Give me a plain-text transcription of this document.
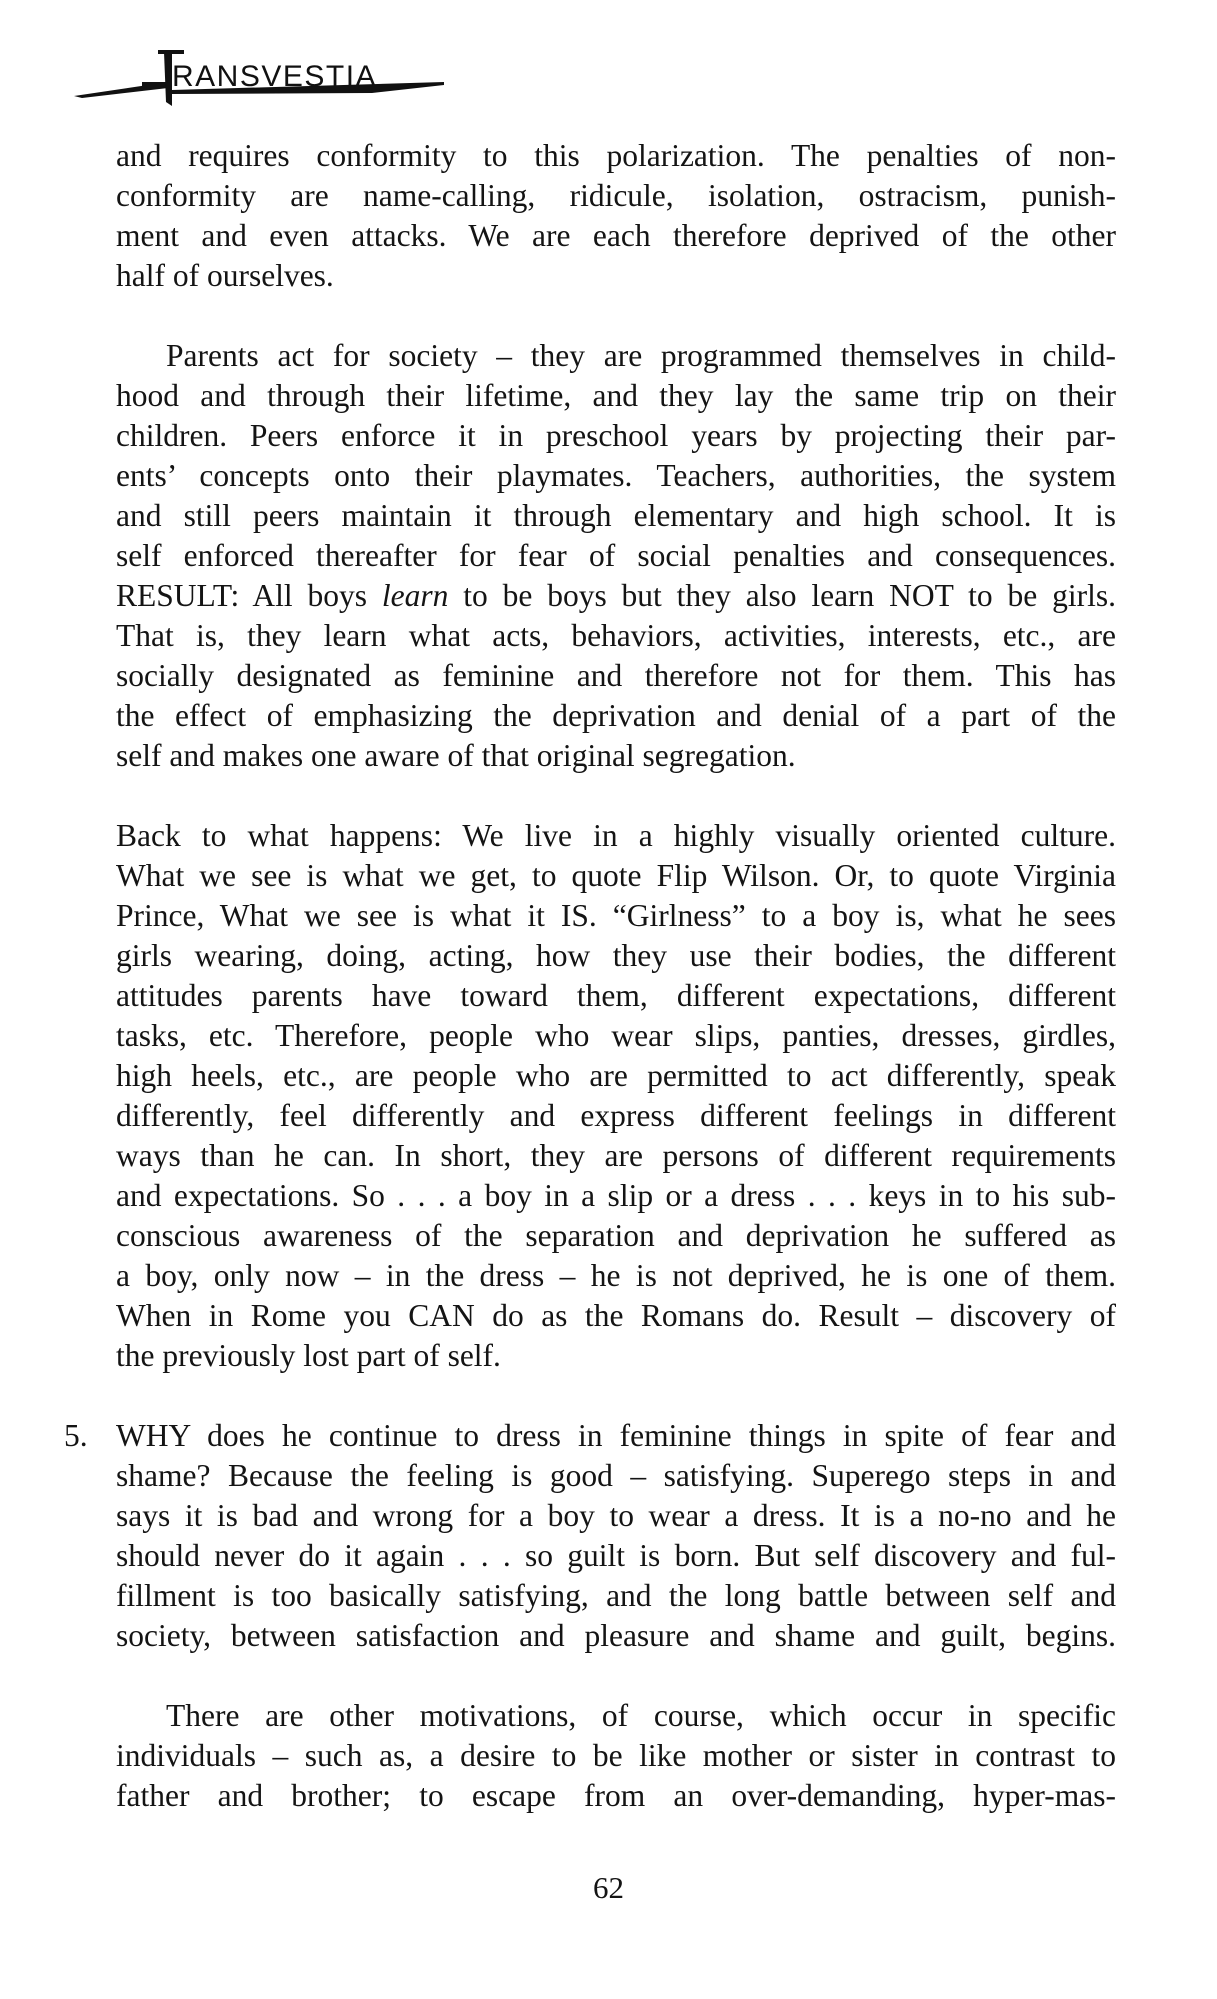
RANSVESTIA
and requires conformity to this polarization. The penalties of non-
conformity are name-calling, ridicule, isolation, ostracism, punish-
ment and even attacks. We are each therefore deprived of the other
half of ourselves.
Parents act for society – they are programmed themselves in child-
hood and through their lifetime, and they lay the same trip on their
children. Peers enforce it in preschool years by projecting their par-
ents’ concepts onto their playmates. Teachers, authorities, the system
and still peers maintain it through elementary and high school. It is
self enforced thereafter for fear of social penalties and consequences.
RESULT: All boys learn to be boys but they also learn NOT to be girls.
That is, they learn what acts, behaviors, activities, interests, etc., are
socially designated as feminine and therefore not for them. This has
the effect of emphasizing the deprivation and denial of a part of the
self and makes one aware of that original segregation.
Back to what happens: We live in a highly visually oriented culture.
What we see is what we get, to quote Flip Wilson. Or, to quote Virginia
Prince, What we see is what it IS. “Girlness” to a boy is, what he sees
girls wearing, doing, acting, how they use their bodies, the different
attitudes parents have toward them, different expectations, different
tasks, etc. Therefore, people who wear slips, panties, dresses, girdles,
high heels, etc., are people who are permitted to act differently, speak
differently, feel differently and express different feelings in different
ways than he can. In short, they are persons of different requirements
and expectations. So . . . a boy in a slip or a dress . . . keys in to his sub-
conscious awareness of the separation and deprivation he suffered as
a boy, only now – in the dress – he is not deprived, he is one of them.
When in Rome you CAN do as the Romans do. Result – discovery of
the previously lost part of self.
5. WHY does he continue to dress in feminine things in spite of fear and
shame? Because the feeling is good – satisfying. Superego steps in and
says it is bad and wrong for a boy to wear a dress. It is a no-no and he
should never do it again . . . so guilt is born. But self discovery and ful-
fillment is too basically satisfying, and the long battle between self and
society, between satisfaction and pleasure and shame and guilt, begins.
There are other motivations, of course, which occur in specific
individuals – such as, a desire to be like mother or sister in contrast to
father and brother; to escape from an over-demanding, hyper-mas-
62
